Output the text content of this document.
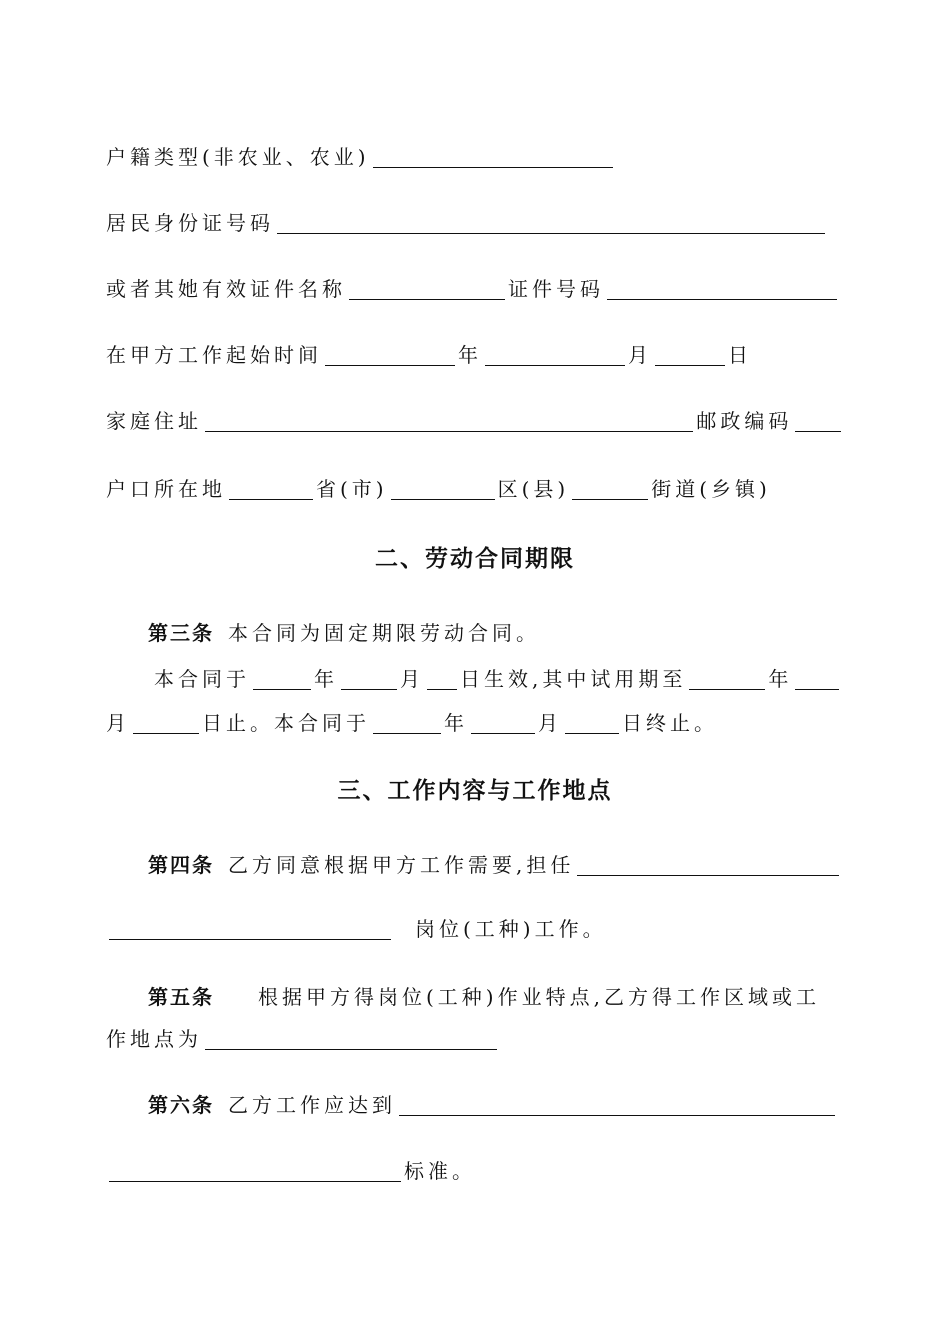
户籍类型(非农业、农业)
居民身份证号码
或者其她有效证件名称	证件号码
在甲方工作起始时间	年	月	日
家庭住址	邮政编码
户口所在地	省(市)	区(县)	街道(乡镇)
二、劳动合同期限
第三条 本合同为固定期限劳动合同。
本合同于	年	月 日生效,其中试用期至	年
月	日止。本合同于	年	月	日终止。
三、工作内容与工作地点
第四条 乙方同意根据甲方工作需要,担任
岗位(工种)工作。
第五条 根据甲方得岗位(工种)作业特点,乙方得工作区域或工
作地点为
第六条 乙方工作应达到
标准。
